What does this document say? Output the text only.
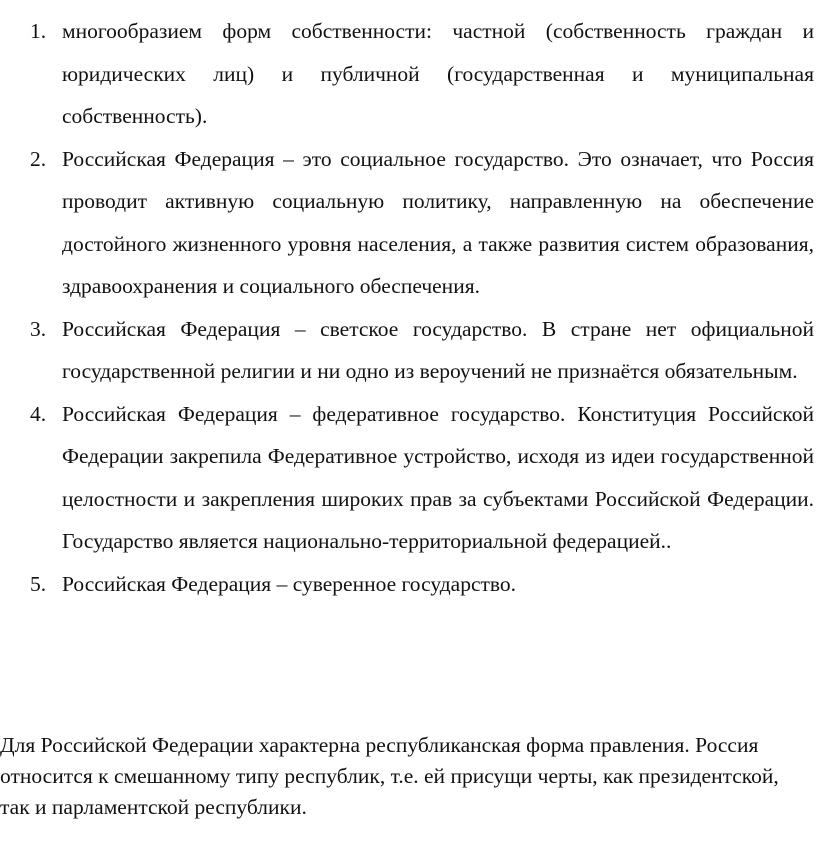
1. многообразием форм собственности: частной (собственность граждан и юридических лиц) и публичной (государственная и муниципальная собственность).
2. Российская Федерация – это социальное государство. Это означает, что Россия проводит активную социальную политику, направленную на обеспечение достойного жизненного уровня населения, а также развития систем образования, здравоохранения и социального обеспечения.
3. Российская Федерация – светское государство. В стране нет официальной государственной религии и ни одно из вероучений не признаётся обязательным.
4. Российская Федерация – федеративное государство. Конституция Российской Федерации закрепила Федеративное устройство, исходя из идеи государственной целостности и закрепления широких прав за субъектами Российской Федерации. Государство является национально-территориальной федерацией..
5. Российская Федерация – суверенное государство.

Для Российской Федерации характерна республиканская форма правления. Россия относится к смешанному типу республик, т.е. ей присущи черты, как президентской, так и парламентской республики.
